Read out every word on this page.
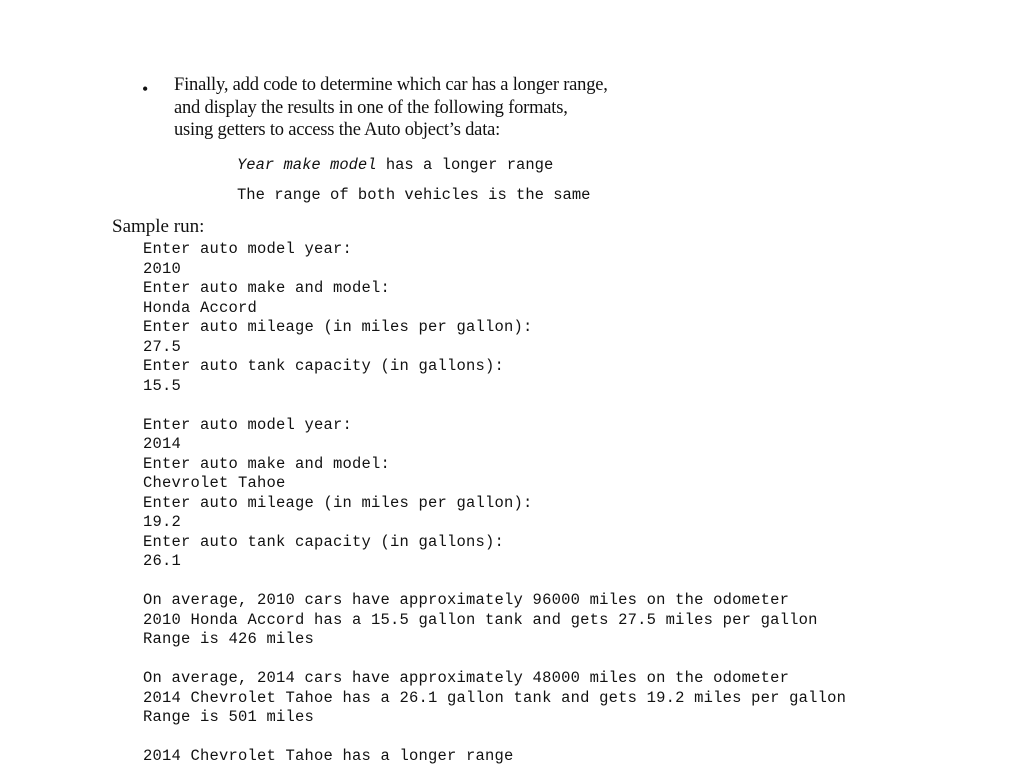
• Finally, add code to determine which car has a longer range,
and display the results in one of the following formats,
using getters to access the Auto object’s data:
Year make model has a longer range
The range of both vehicles is the same
Sample run:
Enter auto model year:
2010
Enter auto make and model:
Honda Accord
Enter auto mileage (in miles per gallon):
27.5
Enter auto tank capacity (in gallons):
15.5
Enter auto model year:
2014
Enter auto make and model:
Chevrolet Tahoe
Enter auto mileage (in miles per gallon):
19.2
Enter auto tank capacity (in gallons):
26.1
On average, 2010 cars have approximately 96000 miles on the odometer
2010 Honda Accord has a 15.5 gallon tank and gets 27.5 miles per gallon
Range is 426 miles
On average, 2014 cars have approximately 48000 miles on the odometer
2014 Chevrolet Tahoe has a 26.1 gallon tank and gets 19.2 miles per gallon
Range is 501 miles
2014 Chevrolet Tahoe has a longer range
